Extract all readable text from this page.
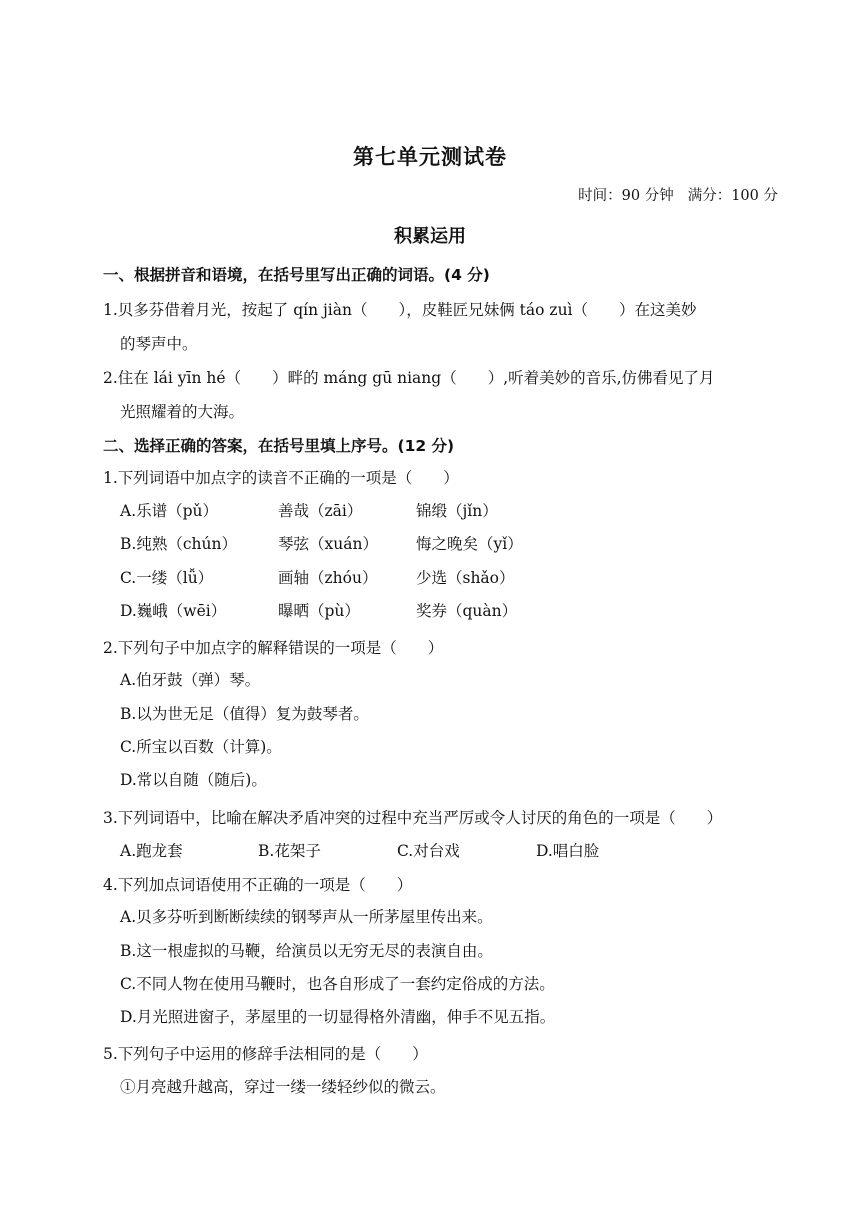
第七单元测试卷
时间：90 分钟 满分：100 分
积累运用
一、根据拼音和语境，在括号里写出正确的词语。(4 分)
1.贝多芬借着月光，按起了 qín jiàn（　　），皮鞋匠兄妹俩 táo zuì（　　）在这美妙
的琴声中。
2.住在 lái yīn hé（　　）畔的 máng gū niang（　　）,听着美妙的音乐,仿佛看见了月
光照耀着的大海。
二、选择正确的答案，在括号里填上序号。(12 分)
1.下列词语中加点字的读音不正确的一项是（　　）
A.乐谱（pǔ）	善哉（zāi）	锦缎（jǐn）
B.纯熟（chún）	琴弦（xuán） 悔之晚矣（yǐ）
C.一缕（lǚ）	画轴（zhóu） 少选（shǎo）
D.巍峨（wēi）	曝晒（pù）	奖券（quàn）
2.下列句子中加点字的解释错误的一项是（　　）
A.伯牙鼓（弹）琴。
B.以为世无足（值得）复为鼓琴者。
C.所宝以百数（计算)。
D.常以自随（随后)。
3.下列词语中，比喻在解决矛盾冲突的过程中充当严厉或令人讨厌的角色的一项是（　　）
A.跑龙套	B.花架子	C.对台戏	D.唱白脸
4.下列加点词语使用不正确的一项是（　　）
A.贝多芬听到断断续续的钢琴声从一所茅屋里传出来。
B.这一根虚拟的马鞭，给演员以无穷无尽的表演自由。
C.不同人物在使用马鞭时，也各自形成了一套约定俗成的方法。
D.月光照进窗子，茅屋里的一切显得格外清幽，伸手不见五指。
5.下列句子中运用的修辞手法相同的是（　　）
①月亮越升越高，穿过一缕一缕轻纱似的微云。
